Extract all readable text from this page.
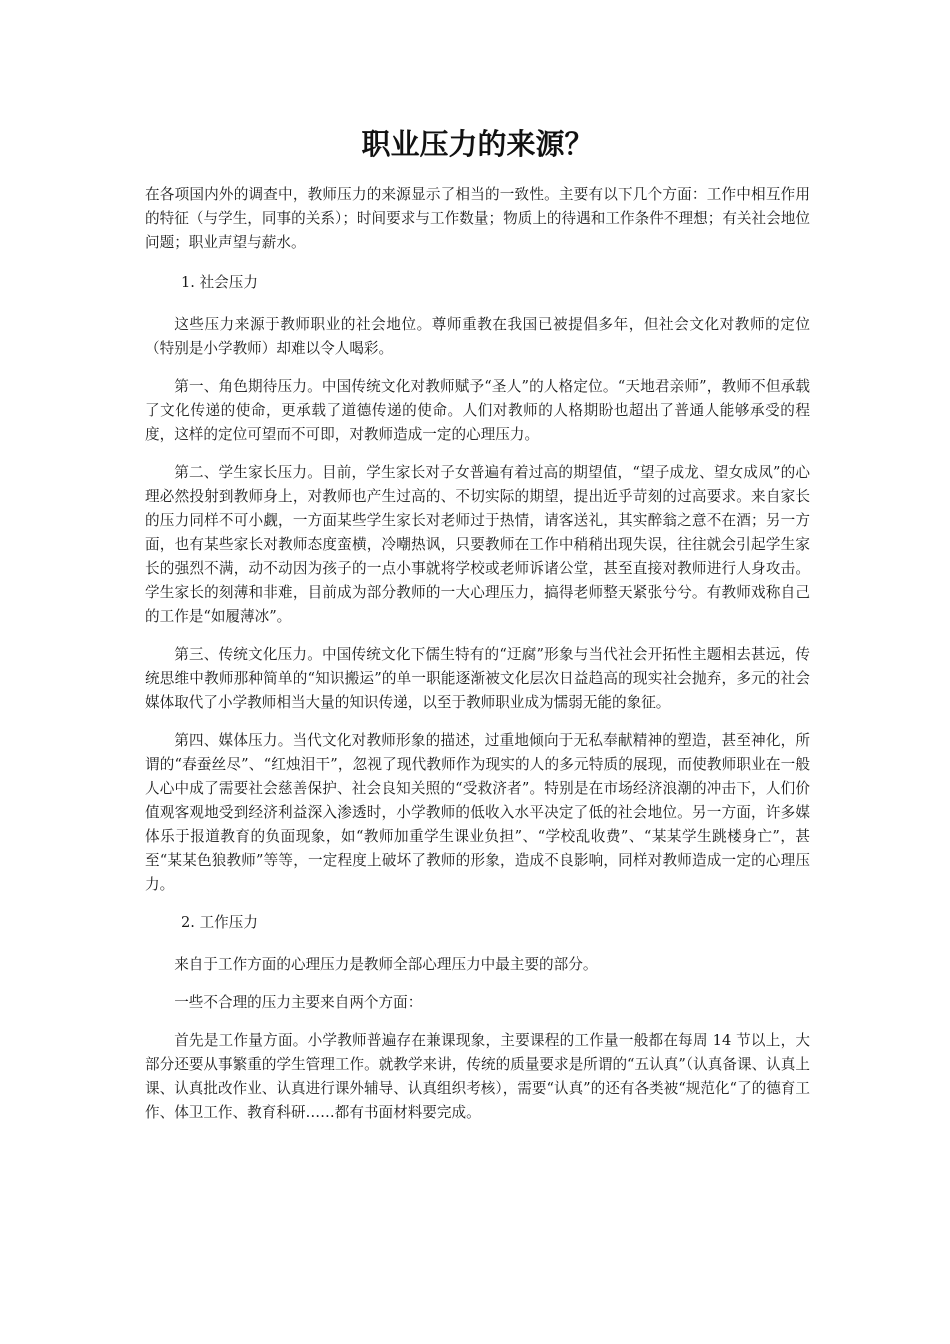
职业压力的来源？

在各项国内外的调查中，教师压力的来源显示了相当的一致性。主要有以下几个方面：工作中相互作用的特征（与学生，同事的关系）；时间要求与工作数量；物质上的待遇和工作条件不理想；有关社会地位问题；职业声望与薪水。

1. 社会压力

这些压力来源于教师职业的社会地位。尊师重教在我国已被提倡多年，但社会文化对教师的定位（特别是小学教师）却难以令人喝彩。

第一、角色期待压力。中国传统文化对教师赋予“圣人”的人格定位。“天地君亲师”，教师不但承载了文化传递的使命，更承载了道德传递的使命。人们对教师的人格期盼也超出了普通人能够承受的程度，这样的定位可望而不可即，对教师造成一定的心理压力。

第二、学生家长压力。目前，学生家长对子女普遍有着过高的期望值，“望子成龙、望女成凤”的心理必然投射到教师身上，对教师也产生过高的、不切实际的期望，提出近乎苛刻的过高要求。来自家长的压力同样不可小觑，一方面某些学生家长对老师过于热情，请客送礼，其实醉翁之意不在酒；另一方面，也有某些家长对教师态度蛮横，冷嘲热讽，只要教师在工作中稍稍出现失误，往往就会引起学生家长的强烈不满，动不动因为孩子的一点小事就将学校或老师诉诸公堂，甚至直接对教师进行人身攻击。学生家长的刻薄和非难，目前成为部分教师的一大心理压力，搞得老师整天紧张兮兮。有教师戏称自己的工作是“如履薄冰”。

第三、传统文化压力。中国传统文化下儒生特有的“迂腐”形象与当代社会开拓性主题相去甚远，传统思维中教师那种简单的“知识搬运”的单一职能逐渐被文化层次日益趋高的现实社会抛弃，多元的社会媒体取代了小学教师相当大量的知识传递，以至于教师职业成为懦弱无能的象征。

第四、媒体压力。当代文化对教师形象的描述，过重地倾向于无私奉献精神的塑造，甚至神化，所谓的“春蚕丝尽”、“红烛泪干”，忽视了现代教师作为现实的人的多元特质的展现，而使教师职业在一般人心中成了需要社会慈善保护、社会良知关照的“受救济者”。特别是在市场经济浪潮的冲击下，人们价值观客观地受到经济利益深入渗透时，小学教师的低收入水平决定了低的社会地位。另一方面，许多媒体乐于报道教育的负面现象，如“教师加重学生课业负担”、“学校乱收费”、“某某学生跳楼身亡”，甚至“某某色狼教师”等等，一定程度上破坏了教师的形象，造成不良影响，同样对教师造成一定的心理压力。

2. 工作压力

来自于工作方面的心理压力是教师全部心理压力中最主要的部分。

一些不合理的压力主要来自两个方面：

首先是工作量方面。小学教师普遍存在兼课现象，主要课程的工作量一般都在每周 14 节以上，大部分还要从事繁重的学生管理工作。就教学来讲，传统的质量要求是所谓的“五认真”（认真备课、认真上课、认真批改作业、认真进行课外辅导、认真组织考核），需要“认真”的还有各类被“规范化“了的德育工作、体卫工作、教育科研……都有书面材料要完成。
